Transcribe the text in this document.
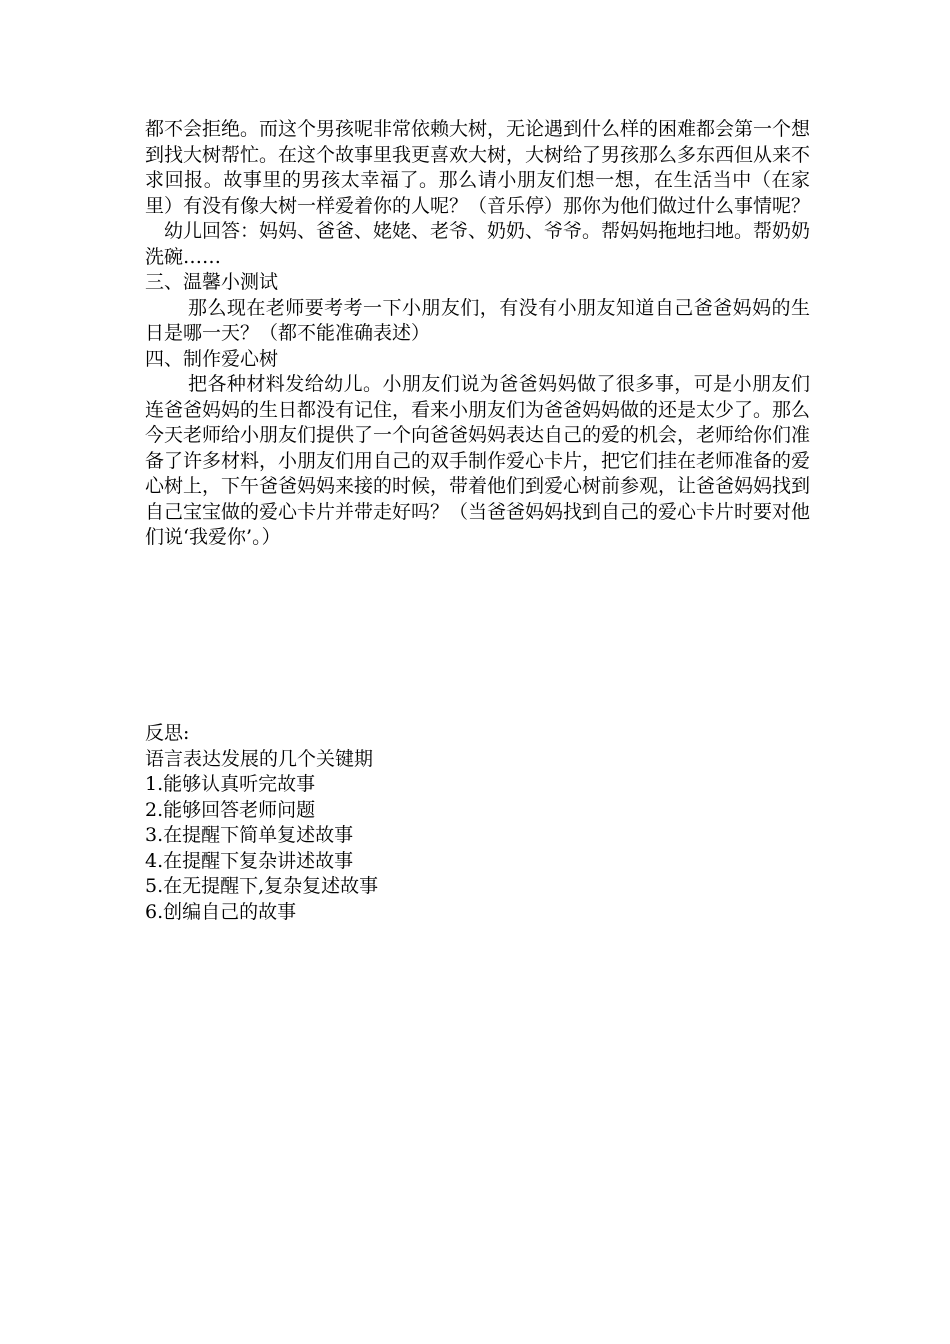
都不会拒绝。而这个男孩呢非常依赖大树，无论遇到什么样的困难都会第一个想到找大树帮忙。在这个故事里我更喜欢大树，大树给了男孩那么多东西但从来不求回报。故事里的男孩太幸福了。那么请小朋友们想一想，在生活当中（在家里）有没有像大树一样爱着你的人呢？（音乐停）那你为他们做过什么事情呢？

幼儿回答：妈妈、爸爸、姥姥、老爷、奶奶、爷爷。帮妈妈拖地扫地。帮奶奶洗碗……

三、温馨小测试

那么现在老师要考考一下小朋友们，有没有小朋友知道自己爸爸妈妈的生日是哪一天？（都不能准确表述）

四、制作爱心树

把各种材料发给幼儿。小朋友们说为爸爸妈妈做了很多事，可是小朋友们连爸爸妈妈的生日都没有记住，看来小朋友们为爸爸妈妈做的还是太少了。那么今天老师给小朋友们提供了一个向爸爸妈妈表达自己的爱的机会，老师给你们准备了许多材料，小朋友们用自己的双手制作爱心卡片，把它们挂在老师准备的爱心树上，下午爸爸妈妈来接的时候，带着他们到爱心树前参观，让爸爸妈妈找到自己宝宝做的爱心卡片并带走好吗？（当爸爸妈妈找到自己的爱心卡片时要对他们说‘我爱你’。）

反思:

语言表达发展的几个关键期

1.能够认真听完故事

2.能够回答老师问题

3.在提醒下简单复述故事

4.在提醒下复杂讲述故事

5.在无提醒下,复杂复述故事

6.创编自己的故事
